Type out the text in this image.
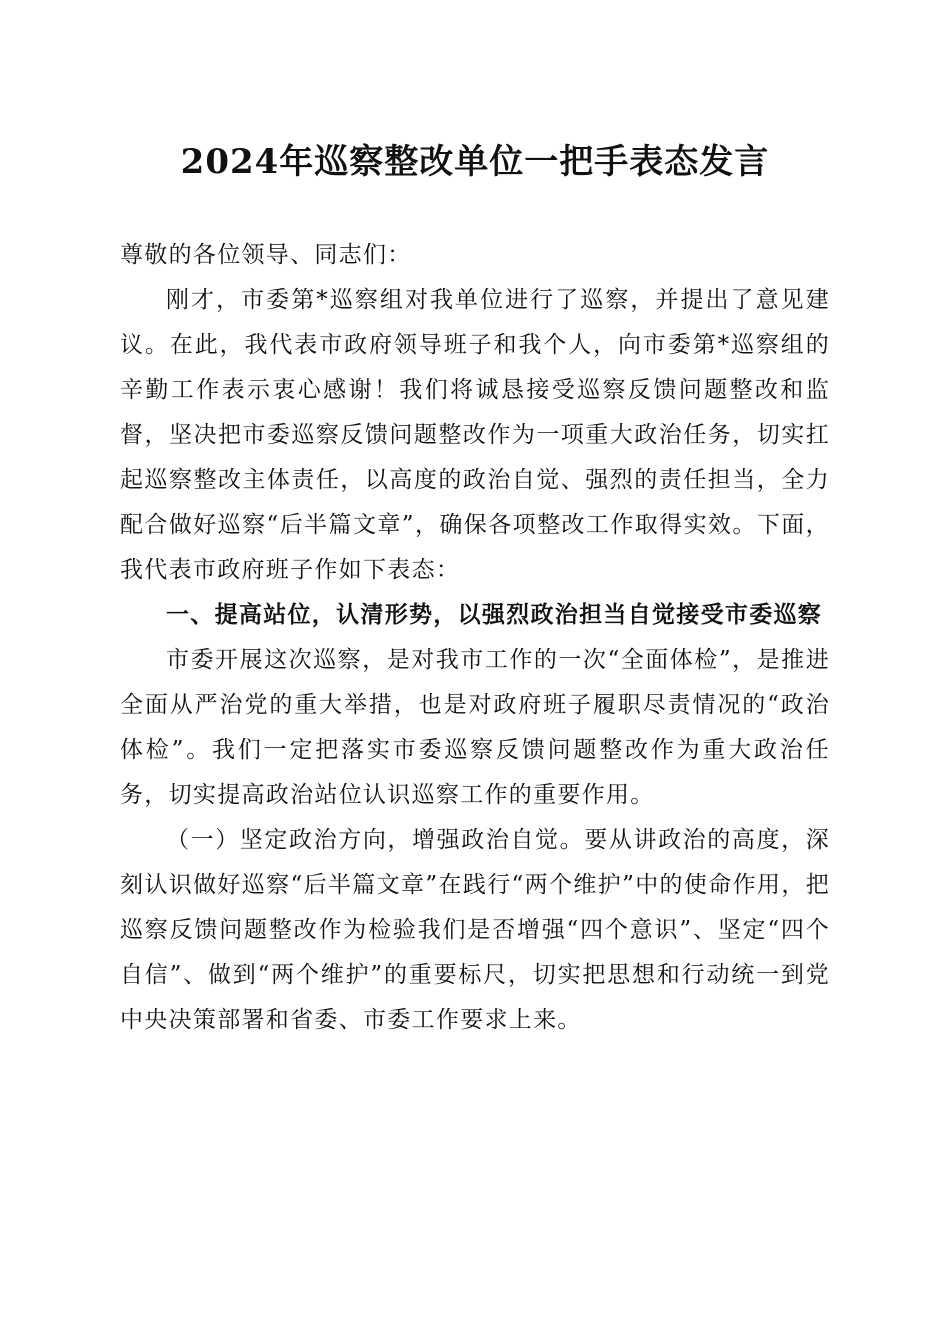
2024年巡察整改单位一把手表态发言

尊敬的各位领导、同志们：

刚才，市委第*巡察组对我单位进行了巡察，并提出了意见建议。在此，我代表市政府领导班子和我个人，向市委第*巡察组的辛勤工作表示衷心感谢！我们将诚恳接受巡察反馈问题整改和监督，坚决把市委巡察反馈问题整改作为一项重大政治任务，切实扛起巡察整改主体责任，以高度的政治自觉、强烈的责任担当，全力配合做好巡察“后半篇文章”，确保各项整改工作取得实效。下面，我代表市政府班子作如下表态：

一、提高站位，认清形势，以强烈政治担当自觉接受市委巡察

市委开展这次巡察，是对我市工作的一次“全面体检”，是推进全面从严治党的重大举措，也是对政府班子履职尽责情况的“政治体检”。我们一定把落实市委巡察反馈问题整改作为重大政治任务，切实提高政治站位认识巡察工作的重要作用。

（一）坚定政治方向，增强政治自觉。要从讲政治的高度，深刻认识做好巡察“后半篇文章”在践行“两个维护”中的使命作用，把巡察反馈问题整改作为检验我们是否增强“四个意识”、坚定“四个自信”、做到“两个维护”的重要标尺，切实把思想和行动统一到党中央决策部署和省委、市委工作要求上来。
